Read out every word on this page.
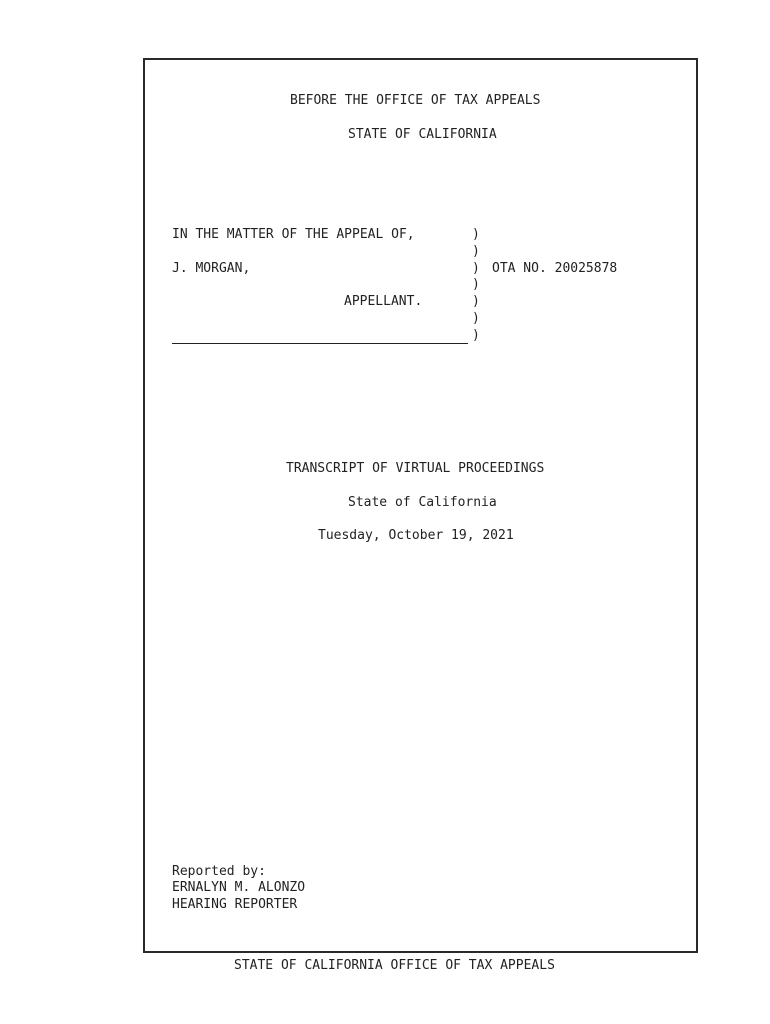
BEFORE THE OFFICE OF TAX APPEALS
STATE OF CALIFORNIA
IN THE MATTER OF THE APPEAL OF,
J. MORGAN,
APPELLANT.
OTA NO. 20025878
)
)
)
)
)
)
)
TRANSCRIPT OF VIRTUAL PROCEEDINGS
State of California
Tuesday, October 19, 2021
Reported by:
ERNALYN M. ALONZO
HEARING REPORTER
STATE OF CALIFORNIA OFFICE OF TAX APPEALS
